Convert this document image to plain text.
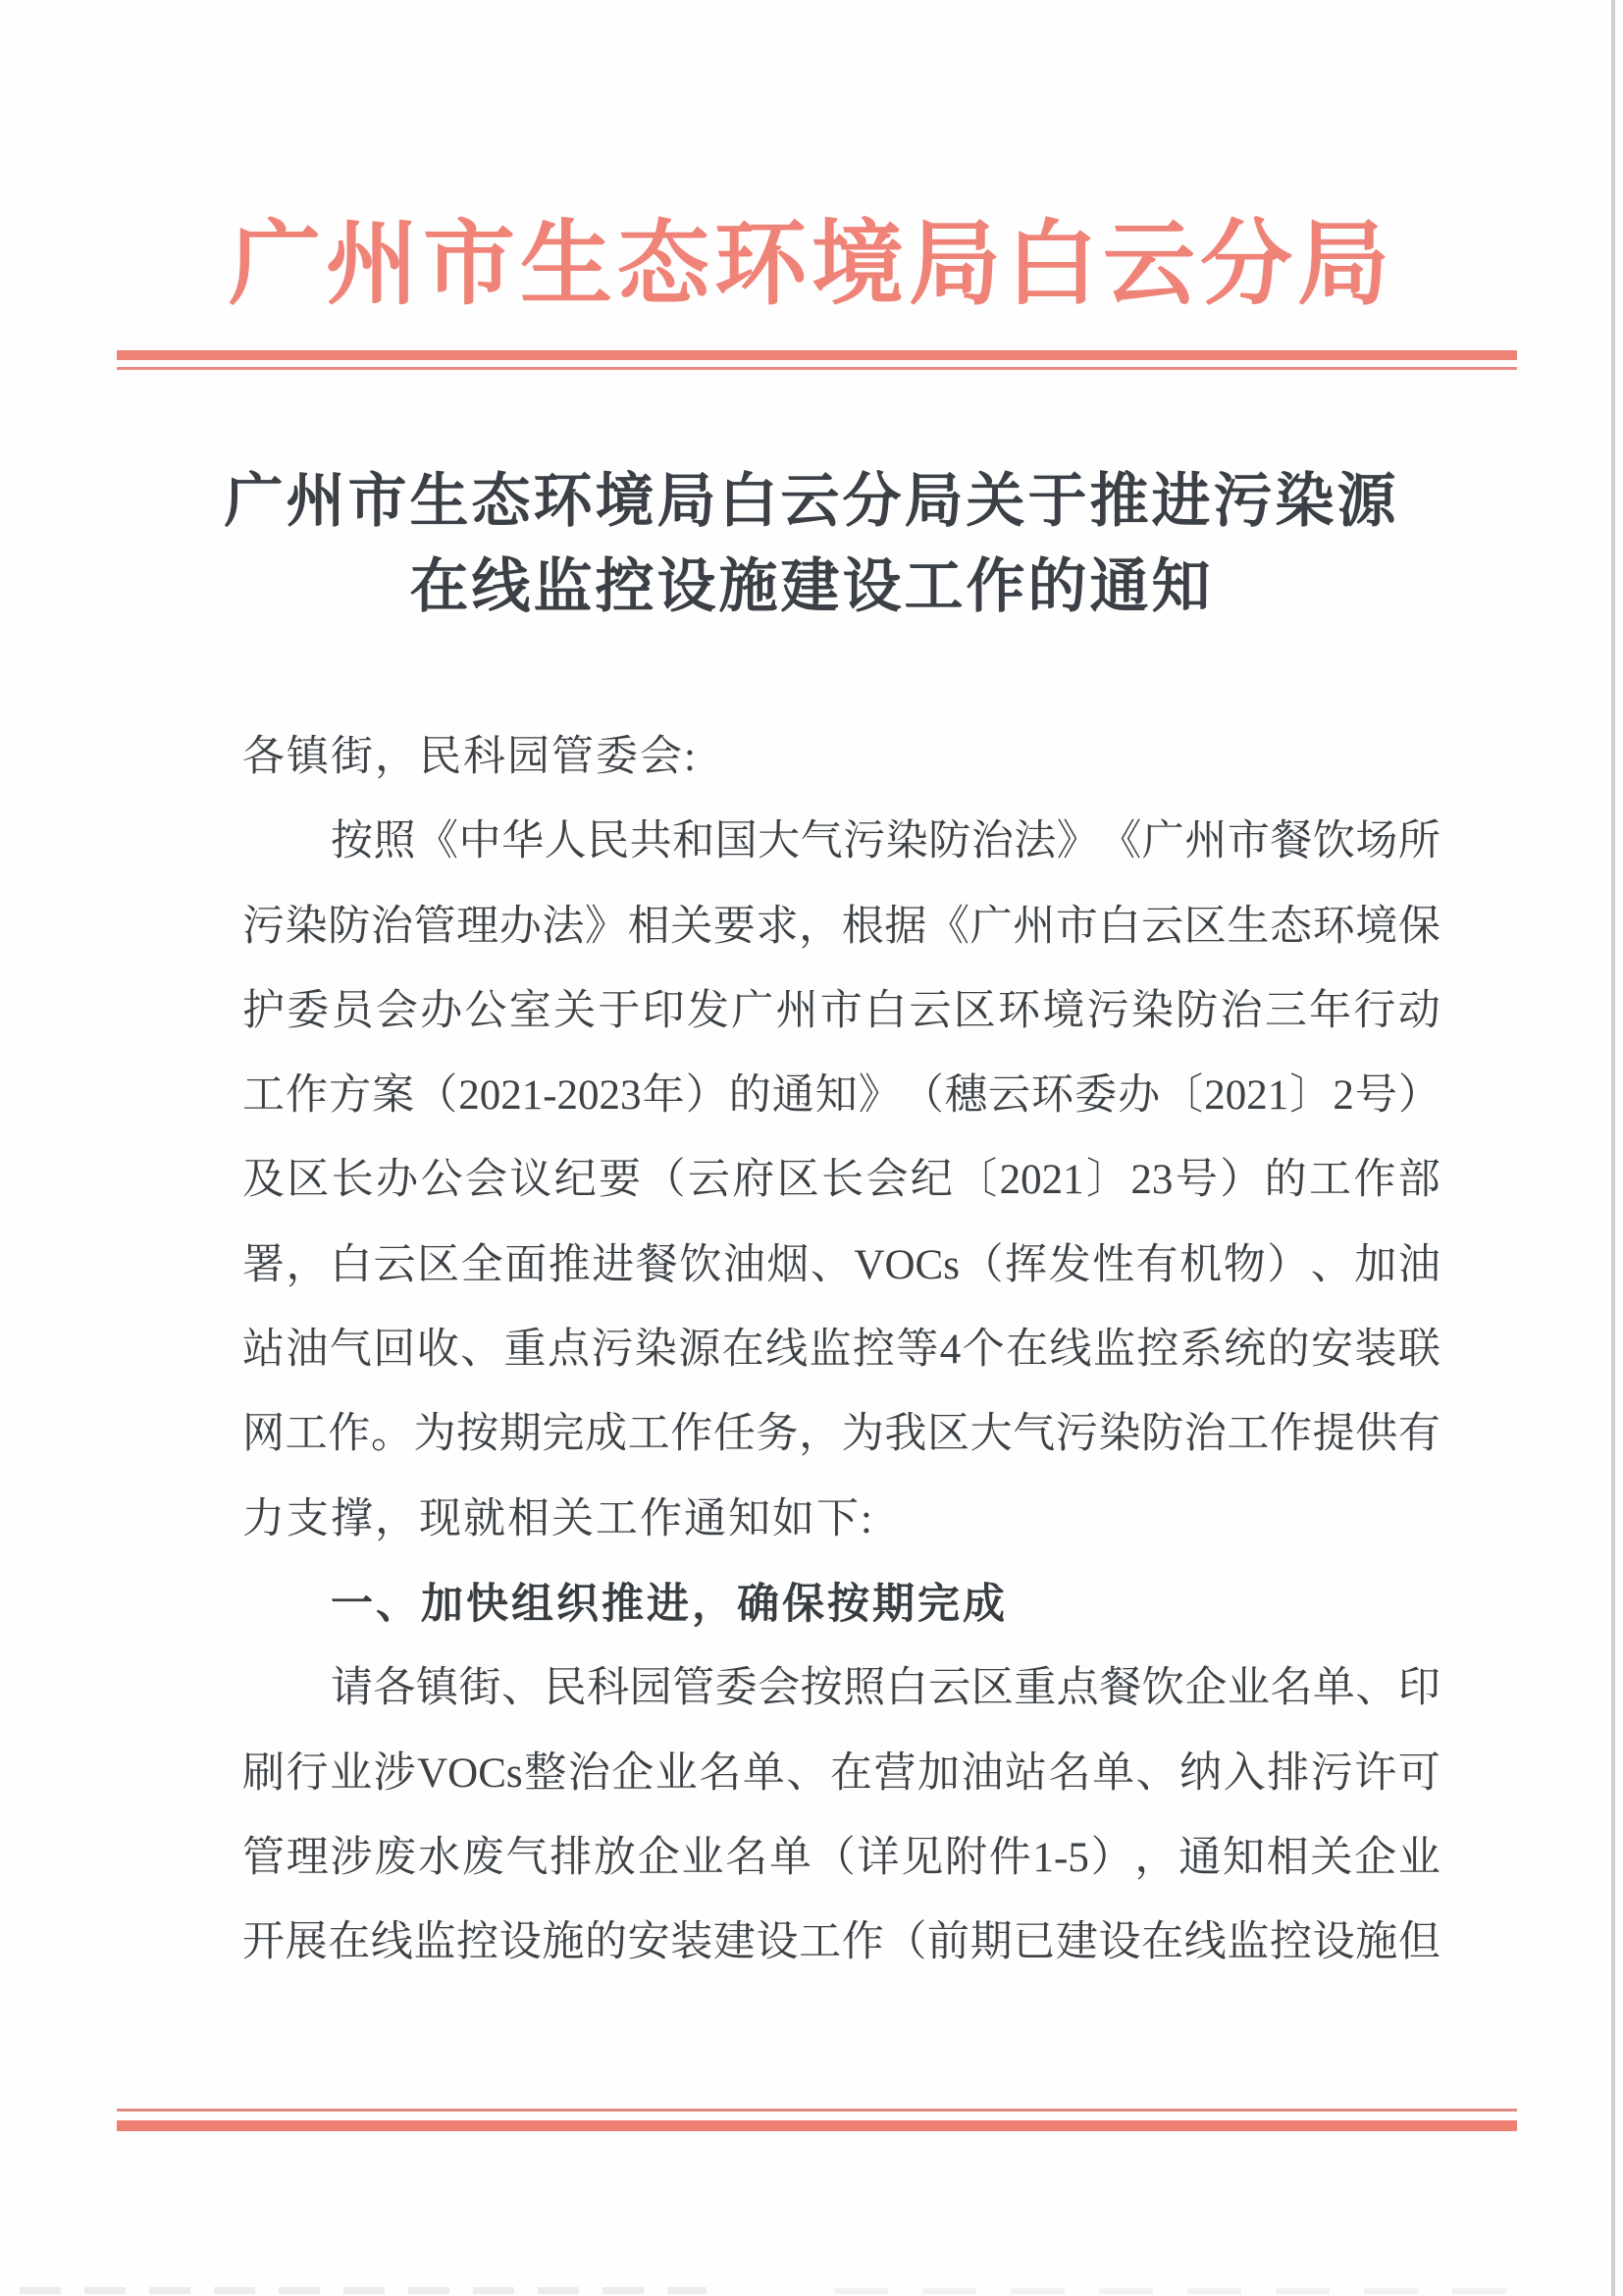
广州市生态环境局白云分局
广州市生态环境局白云分局关于推进污染源
在线监控设施建设工作的通知
各镇街，民科园管委会:
按 照 《 中 华 人 民 共 和 国 大 气 污 染 防 治 法 》 《 广 州 市 餐 饮 场 所
污 染 防 治 管 理 办 法 》 相 关 要 求 ， 根 据 《 广 州 市 白 云 区 生 态 环 境 保
护 委 员 会 办 公 室 关 于 印 发 广 州 市 白 云 区 环 境 污 染 防 治 三 年 行 动
工 作 方 案 （ 2021-2023 年 ） 的 通 知 》 （ 穗 云 环 委 办 〔 2021 〕 2 号 ）
及 区 长 办 公 会 议 纪 要 （ 云 府 区 长 会 纪 〔 2021 〕 23 号 ） 的 工 作 部
署 ， 白 云 区 全 面 推 进 餐 饮 油 烟 、 VOCs （ 挥 发 性 有 机 物 ） 、 加 油
站 油 气 回 收 、 重 点 污 染 源 在 线 监 控 等 4 个 在 线 监 控 系 统 的 安 装 联
网 工 作 。 为 按 期 完 成 工 作 任 务 ， 为 我 区 大 气 污 染 防 治 工 作 提 供 有
力支撑，现就相关工作通知如下:
一、加快组织推进，确保按期完成
请 各 镇 街 、 民 科 园 管 委 会 按 照 白 云 区 重 点 餐 饮 企 业 名 单 、 印
刷 行 业 涉 VOCs 整 治 企 业 名 单 、 在 营 加 油 站 名 单 、 纳 入 排 污 许 可
管 理 涉 废 水 废 气 排 放 企 业 名 单 （ 详 见 附 件 1-5 ） ， 通 知 相 关 企 业
开 展 在 线 监 控 设 施 的 安 装 建 设 工 作 （ 前 期 已 建 设 在 线 监 控 设 施 但
